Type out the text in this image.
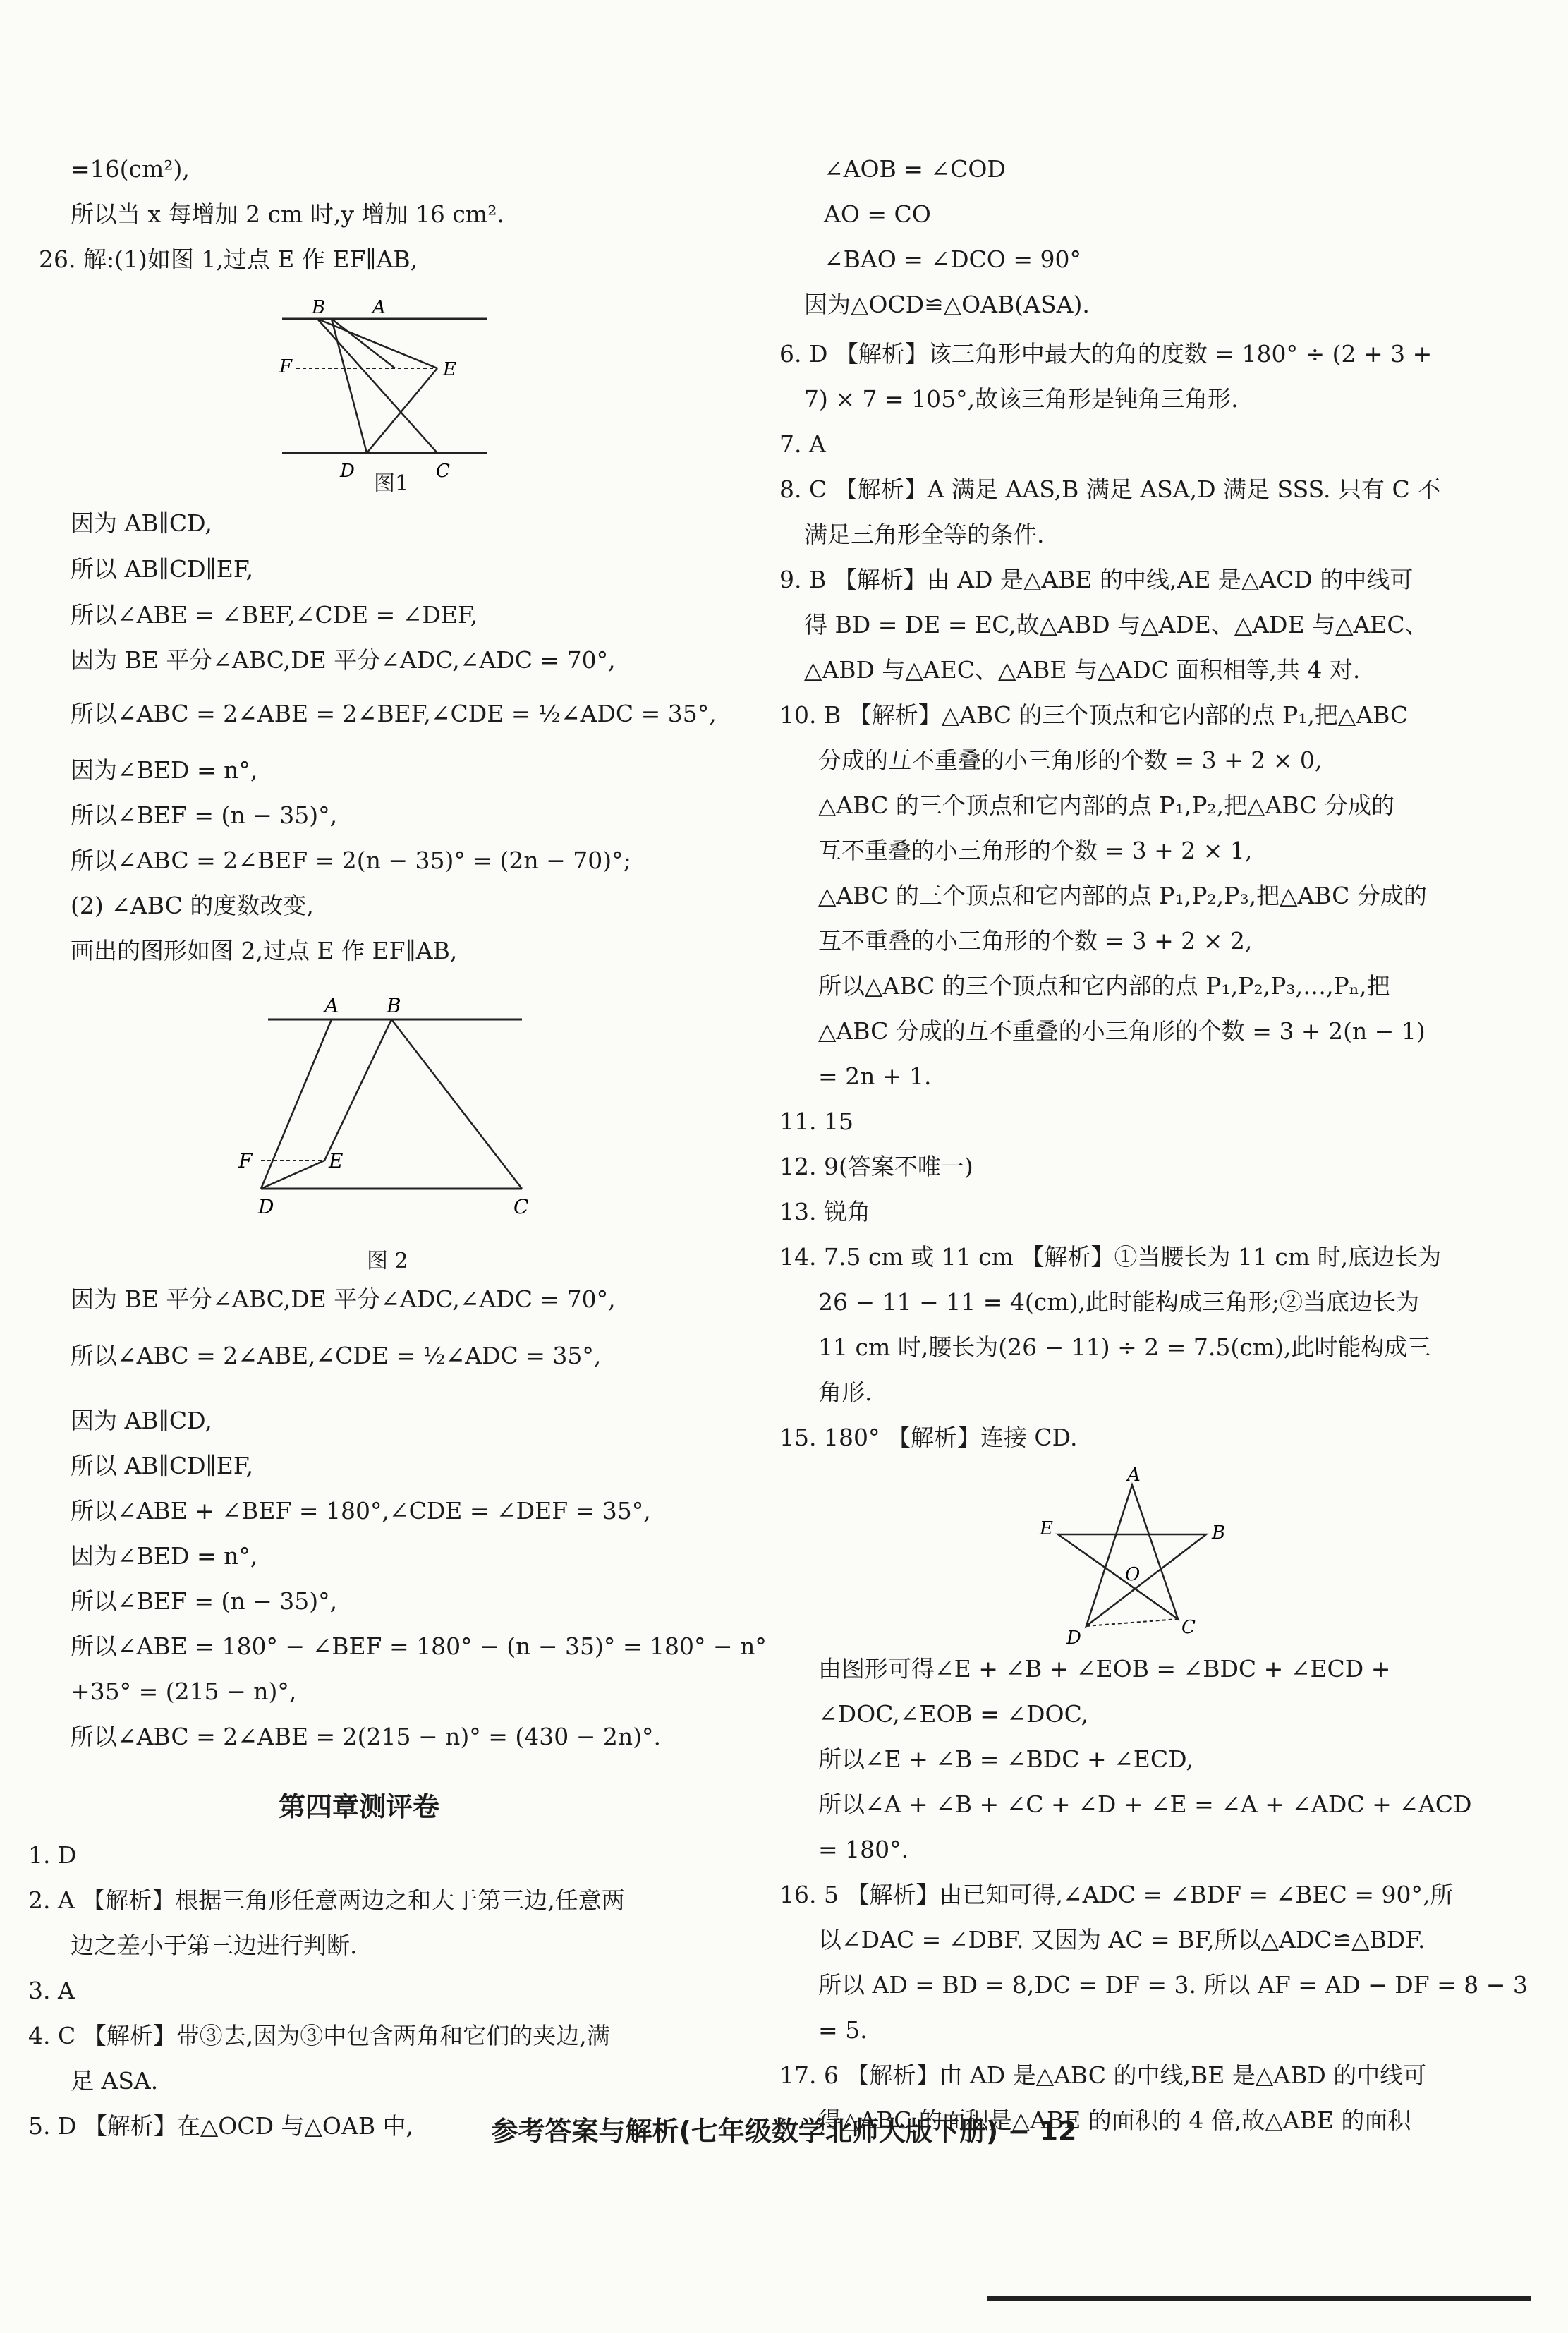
=16(cm²),
所以当 x 每增加 2 cm 时,y 增加 16 cm².
26. 解:(1)如图 1,过点 E 作 EF∥AB,
因为 AB∥CD,
所以 AB∥CD∥EF,
所以∠ABE = ∠BEF,∠CDE = ∠DEF,
因为 BE 平分∠ABC,DE 平分∠ADC,∠ADC = 70°,
所以∠ABC = 2∠ABE = 2∠BEF,∠CDE = ½∠ADC = 35°,
因为∠BED = n°,
所以∠BEF = (n − 35)°,
所以∠ABC = 2∠BEF = 2(n − 35)° = (2n − 70)°;
(2) ∠ABC 的度数改变,
画出的图形如图 2,过点 E 作 EF∥AB,
因为 BE 平分∠ABC,DE 平分∠ADC,∠ADC = 70°,
所以∠ABC = 2∠ABE,∠CDE = ½∠ADC = 35°,
因为 AB∥CD,
所以 AB∥CD∥EF,
所以∠ABE + ∠BEF = 180°,∠CDE = ∠DEF = 35°,
因为∠BED = n°,
所以∠BEF = (n − 35)°,
所以∠ABE = 180° − ∠BEF = 180° − (n − 35)° = 180° − n°
+35° = (215 − n)°,
所以∠ABC = 2∠ABE = 2(215 − n)° = (430 − 2n)°.
1. D
2. A 【解析】根据三角形任意两边之和大于第三边,任意两
边之差小于第三边进行判断.
3. A
4. C 【解析】带③去,因为③中包含两角和它们的夹边,满
足 ASA.
5. D 【解析】在△OCD 与△OAB 中,
∠AOB = ∠COD
AO = CO
∠BAO = ∠DCO = 90°
因为△OCD≌△OAB(ASA).
6. D 【解析】该三角形中最大的角的度数 = 180° ÷ (2 + 3 +
7) × 7 = 105°,故该三角形是钝角三角形.
7. A
8. C 【解析】A 满足 AAS,B 满足 ASA,D 满足 SSS. 只有 C 不
满足三角形全等的条件.
9. B 【解析】由 AD 是△ABE 的中线,AE 是△ACD 的中线可
得 BD = DE = EC,故△ABD 与△ADE、△ADE 与△AEC、
△ABD 与△AEC、△ABE 与△ADC 面积相等,共 4 对.
10. B 【解析】△ABC 的三个顶点和它内部的点 P₁,把△ABC
分成的互不重叠的小三角形的个数 = 3 + 2 × 0,
△ABC 的三个顶点和它内部的点 P₁,P₂,把△ABC 分成的
互不重叠的小三角形的个数 = 3 + 2 × 1,
△ABC 的三个顶点和它内部的点 P₁,P₂,P₃,把△ABC 分成的
互不重叠的小三角形的个数 = 3 + 2 × 2,
所以△ABC 的三个顶点和它内部的点 P₁,P₂,P₃,…,Pₙ,把
△ABC 分成的互不重叠的小三角形的个数 = 3 + 2(n − 1)
= 2n + 1.
11. 15
12. 9(答案不唯一)
13. 锐角
14. 7.5 cm 或 11 cm 【解析】①当腰长为 11 cm 时,底边长为
26 − 11 − 11 = 4(cm),此时能构成三角形;②当底边长为
11 cm 时,腰长为(26 − 11) ÷ 2 = 7.5(cm),此时能构成三
角形.
15. 180° 【解析】连接 CD.
由图形可得∠E + ∠B + ∠EOB = ∠BDC + ∠ECD +
∠DOC,∠EOB = ∠DOC,
所以∠E + ∠B = ∠BDC + ∠ECD,
所以∠A + ∠B + ∠C + ∠D + ∠E = ∠A + ∠ADC + ∠ACD
= 180°.
16. 5 【解析】由已知可得,∠ADC = ∠BDF = ∠BEC = 90°,所
以∠DAC = ∠DBF. 又因为 AC = BF,所以△ADC≌△BDF.
所以 AD = BD = 8,DC = DF = 3. 所以 AF = AD − DF = 8 − 3
= 5.
17. 6 【解析】由 AD 是△ABC 的中线,BE 是△ABD 的中线可
得△ABC 的面积是△ABE 的面积的 4 倍,故△ABE 的面积
B	A
F	E
D	C
图1
A B
F	E
D	C
图 2
A
E	B
O
D	C
第四章测评卷
参考答案与解析(七年级数学北师大版下册) − 12
